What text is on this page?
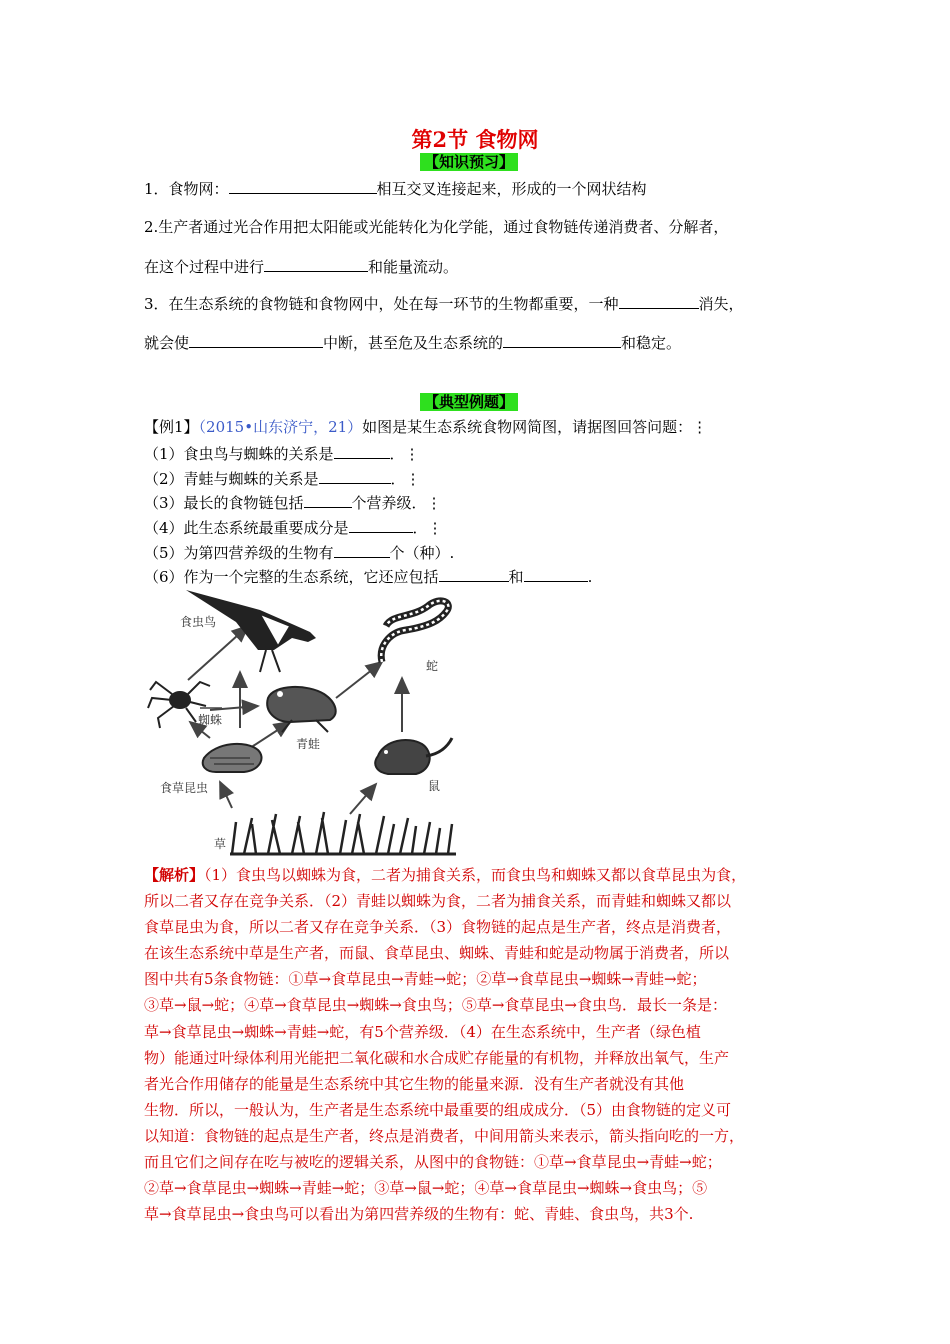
第2节 食物网
【知识预习】
1．食物网：	相互交叉连接起来，形成的一个网状结构
2.生产者通过光合作用把太阳能或光能转化为化学能，通过食物链传递消费者、分解者，
在这个过程中进行	和能量流动。
3．在生态系统的食物链和食物网中，处在每一环节的生物都重要，一种	消失，
就会使	中断，甚至危及生态系统的	和稳定。
【典型例题】
【例1】（2015•山东济宁，21）如图是某生态系统食物网简图，请据图回答问题：⋮
（1）食虫鸟与蜘蛛的关系是	．⋮
（2）青蛙与蜘蛛的关系是	．⋮
（3）最长的食物链包括	个营养级．⋮
（4）此生态系统最重要成分是	．⋮
（5）为第四营养级的生物有	个（种）.
（6）作为一个完整的生态系统，它还应包括	和	.
食虫鸟
蛇
蜘蛛
青蛙
食草昆虫	鼠
草
【解析】（1）食虫鸟以蜘蛛为食，二者为捕食关系，而食虫鸟和蜘蛛又都以食草昆虫为食，
所以二者又存在竞争关系．（2）青蛙以蜘蛛为食，二者为捕食关系，而青蛙和蜘蛛又都以
食草昆虫为食，所以二者又存在竞争关系．（3）食物链的起点是生产者，终点是消费者，
在该生态系统中草是生产者，而鼠、食草昆虫、蜘蛛、青蛙和蛇是动物属于消费者，所以
图中共有5条食物链：①草→食草昆虫→青蛙→蛇；②草→食草昆虫→蜘蛛→青蛙→蛇；
③草→鼠→蛇；④草→食草昆虫→蜘蛛→食虫鸟；⑤草→食草昆虫→食虫鸟．最长一条是：
草→食草昆虫→蜘蛛→青蛙→蛇，有5个营养级．（4）在生态系统中，生产者（绿色植
物）能通过叶绿体利用光能把二氧化碳和水合成贮存能量的有机物，并释放出氧气，生产
者光合作用储存的能量是生态系统中其它生物的能量来源．没有生产者就没有其他
生物．所以，一般认为，生产者是生态系统中最重要的组成成分．（5）由食物链的定义可
以知道：食物链的起点是生产者，终点是消费者，中间用箭头来表示，箭头指向吃的一方，
而且它们之间存在吃与被吃的逻辑关系，从图中的食物链：①草→食草昆虫→青蛙→蛇；
②草→食草昆虫→蜘蛛→青蛙→蛇；③草→鼠→蛇；④草→食草昆虫→蜘蛛→食虫鸟；⑤
草→食草昆虫→食虫鸟可以看出为第四营养级的生物有：蛇、青蛙、食虫鸟，共3个.
